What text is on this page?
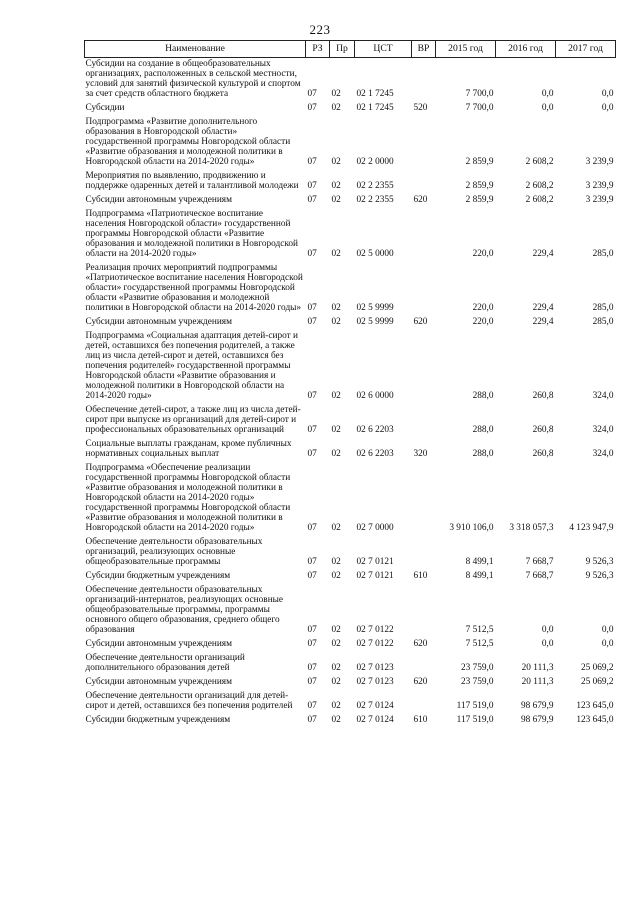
223
Наименование	РЗ	Пр	ЦСТ	ВР	2015 год	2016 год	2017 год
Субсидии на создание в общеобразовательных организациях, расположенных в сельской местности, условий для занятий физической культурой и спортом за счет средств областного бюджета	07	02	02 1 7245		7 700,0	0,0	0,0
Субсидии	07	02	02 1 7245	520	7 700,0	0,0	0,0
Подпрограмма «Развитие дополнительного образования в Новгородской области» государственной программы Новгородской области «Развитие образования и молодежной политики в Новгородской области на 2014-2020 годы»	07	02	02 2 0000		2 859,9	2 608,2	3 239,9
Мероприятия по выявлению, продвижению и поддержке одаренных детей и талантливой молодежи	07	02	02 2 2355		2 859,9	2 608,2	3 239,9
Субсидии автономным учреждениям	07	02	02 2 2355	620	2 859,9	2 608,2	3 239,9
Подпрограмма «Патриотическое воспитание населения Новгородской области» государственной программы Новгородской области «Развитие образования и молодежной политики в Новгородской области на 2014-2020 годы»	07	02	02 5 0000		220,0	229,4	285,0
Реализация прочих мероприятий подпрограммы «Патриотическое воспитание населения Новгородской области» государственной программы Новгородской области «Развитие образования и молодежной политики в Новгородской области на 2014-2020 годы»	07	02	02 5 9999		220,0	229,4	285,0
Субсидии автономным учреждениям	07	02	02 5 9999	620	220,0	229,4	285,0
Подпрограмма «Социальная адаптация детей-сирот и детей, оставшихся без попечения родителей, а также лиц из числа детей-сирот и детей, оставшихся без попечения родителей» государственной программы Новгородской области «Развитие образования и молодежной политики в Новгородской области на 2014-2020 годы»	07	02	02 6 0000		288,0	260,8	324,0
Обеспечение детей-сирот, а также лиц из числа детей-сирот при выпуске из организаций для детей-сирот и профессиональных образовательных организаций	07	02	02 6 2203		288,0	260,8	324,0
Социальные выплаты гражданам, кроме публичных нормативных социальных выплат	07	02	02 6 2203	320	288,0	260,8	324,0
Подпрограмма «Обеспечение реализации государственной программы Новгородской области «Развитие образования и молодежной политики в Новгородской области на 2014-2020 годы» государственной программы Новгородской области «Развитие образования и молодежной политики в Новгородской области на 2014-2020 годы»	07	02	02 7 0000		3 910 106,0	3 318 057,3	4 123 947,9
Обеспечение деятельности образовательных организаций, реализующих основные общеобразовательные программы	07	02	02 7 0121		8 499,1	7 668,7	9 526,3
Субсидии бюджетным учреждениям	07	02	02 7 0121	610	8 499,1	7 668,7	9 526,3
Обеспечение деятельности образовательных организаций-интернатов, реализующих основные общеобразовательные программы, программы основного общего образования, среднего общего образования	07	02	02 7 0122		7 512,5	0,0	0,0
Субсидии автономным учреждениям	07	02	02 7 0122	620	7 512,5	0,0	0,0
Обеспечение деятельности организаций дополнительного образования детей	07	02	02 7 0123		23 759,0	20 111,3	25 069,2
Субсидии автономным учреждениям	07	02	02 7 0123	620	23 759,0	20 111,3	25 069,2
Обеспечение деятельности организаций для детей-сирот и детей, оставшихся без попечения родителей	07	02	02 7 0124		117 519,0	98 679,9	123 645,0
Субсидии бюджетным учреждениям	07	02	02 7 0124	610	117 519,0	98 679,9	123 645,0
